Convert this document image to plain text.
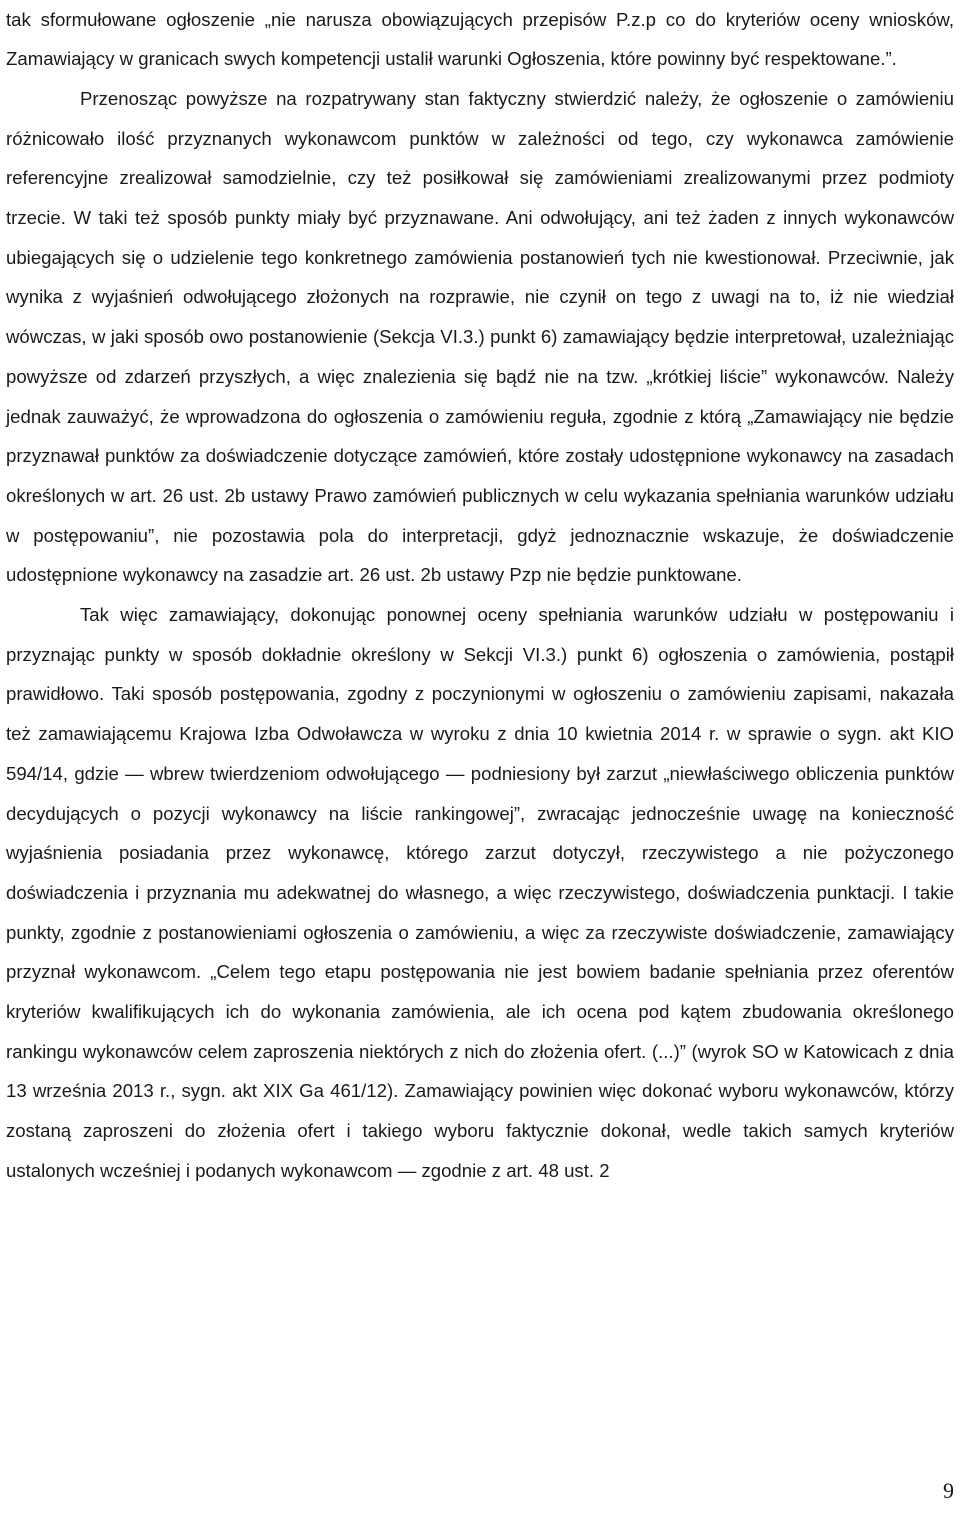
tak sformułowane ogłoszenie „nie narusza obowiązujących przepisów P.z.p co do kryteriów oceny wniosków, Zamawiający w granicach swych kompetencji ustalił warunki Ogłoszenia, które powinny być respektowane.”.

Przenosząc powyższe na rozpatrywany stan faktyczny stwierdzić należy, że ogłoszenie o zamówieniu różnicowało ilość przyznanych wykonawcom punktów w zależności od tego, czy wykonawca zamówienie referencyjne zrealizował samodzielnie, czy też posiłkował się zamówieniami zrealizowanymi przez podmioty trzecie. W taki też sposób punkty miały być przyznawane. Ani odwołujący, ani też żaden z innych wykonawców ubiegających się o udzielenie tego konkretnego zamówienia postanowień tych nie kwestionował. Przeciwnie, jak wynika z wyjaśnień odwołującego złożonych na rozprawie, nie czynił on tego z uwagi na to, iż nie wiedział wówczas, w jaki sposób owo postanowienie (Sekcja VI.3.) punkt 6) zamawiający będzie interpretował, uzależniając powyższe od zdarzeń przyszłych, a więc znalezienia się bądź nie na tzw. „krótkiej liście” wykonawców. Należy jednak zauważyć, że wprowadzona do ogłoszenia o zamówieniu reguła, zgodnie z którą „Zamawiający nie będzie przyznawał punktów za doświadczenie dotyczące zamówień, które zostały udostępnione wykonawcy na zasadach określonych w art. 26 ust. 2b ustawy Prawo zamówień publicznych w celu wykazania spełniania warunków udziału w postępowaniu”, nie pozostawia pola do interpretacji, gdyż jednoznacznie wskazuje, że doświadczenie udostępnione wykonawcy na zasadzie art. 26 ust. 2b ustawy Pzp nie będzie punktowane.

Tak więc zamawiający, dokonując ponownej oceny spełniania warunków udziału w postępowaniu i przyznając punkty w sposób dokładnie określony w Sekcji VI.3.) punkt 6) ogłoszenia o zamówienia, postąpił prawidłowo. Taki sposób postępowania, zgodny z poczynionymi w ogłoszeniu o zamówieniu zapisami, nakazała też zamawiającemu Krajowa Izba Odwoławcza w wyroku z dnia 10 kwietnia 2014 r. w sprawie o sygn. akt KIO 594/14, gdzie — wbrew twierdzeniom odwołującego — podniesiony był zarzut „niewłaściwego obliczenia punktów decydujących o pozycji wykonawcy na liście rankingowej”, zwracając jednocześnie uwagę na konieczność wyjaśnienia posiadania przez wykonawcę, którego zarzut dotyczył, rzeczywistego a nie pożyczonego doświadczenia i przyznania mu adekwatnej do własnego, a więc rzeczywistego, doświadczenia punktacji. I takie punkty, zgodnie z postanowieniami ogłoszenia o zamówieniu, a więc za rzeczywiste doświadczenie, zamawiający przyznał wykonawcom. „Celem tego etapu postępowania nie jest bowiem badanie spełniania przez oferentów kryteriów kwalifikujących ich do wykonania zamówienia, ale ich ocena pod kątem zbudowania określonego rankingu wykonawców celem zaproszenia niektórych z nich do złożenia ofert. (...)” (wyrok SO w Katowicach z dnia 13 września 2013 r., sygn. akt XIX Ga 461/12). Zamawiający powinien więc dokonać wyboru wykonawców, którzy zostaną zaproszeni do złożenia ofert i takiego wyboru faktycznie dokonał, wedle takich samych kryteriów ustalonych wcześniej i podanych wykonawcom — zgodnie z art. 48 ust. 2

9
